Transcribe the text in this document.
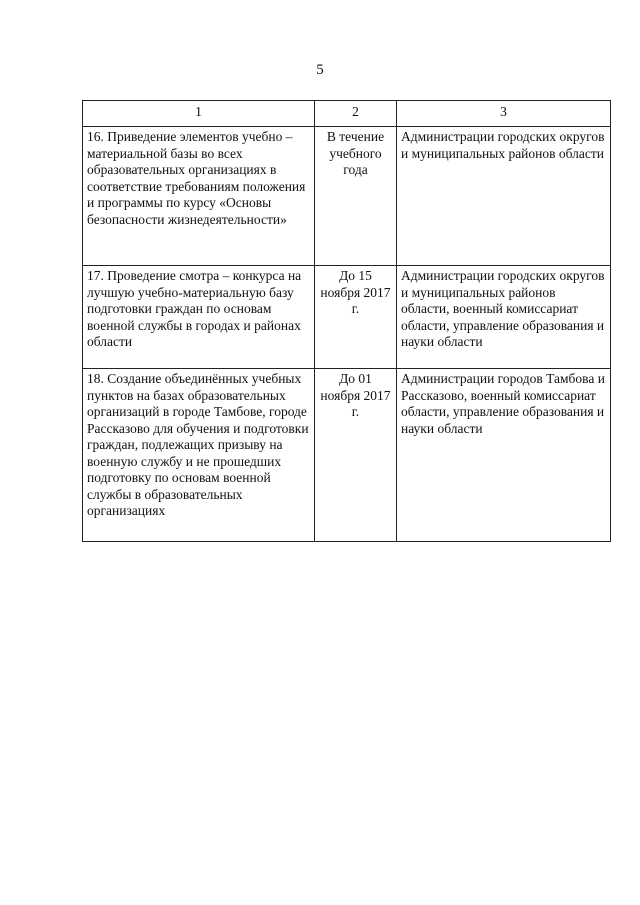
5
1	2	3
16. Приведение элементов учебно – материальной базы во всех образовательных организациях в соответствие требованиям положения и программы по курсу «Основы безопасности жизнедеятельности»	В течение учебного года	Администрации городских округов и муниципальных районов области
17. Проведение смотра – конкурса на лучшую учебно-материальную базу подготовки граждан по основам военной службы в городах и районах области	До 15 ноября 2017 г.	Администрации городских округов и муниципальных районов области, военный комиссариат области, управление образования и науки области
18. Создание объединённых учебных пунктов на базах образовательных организаций в городе Тамбове, городе Рассказово для обучения и подготовки граждан, подлежащих призыву на военную службу и не прошедших подготовку по основам военной службы в образовательных организациях	До 01 ноября 2017 г.	Администрации городов Тамбова и Рассказово, военный комиссариат области, управление образования и науки области
